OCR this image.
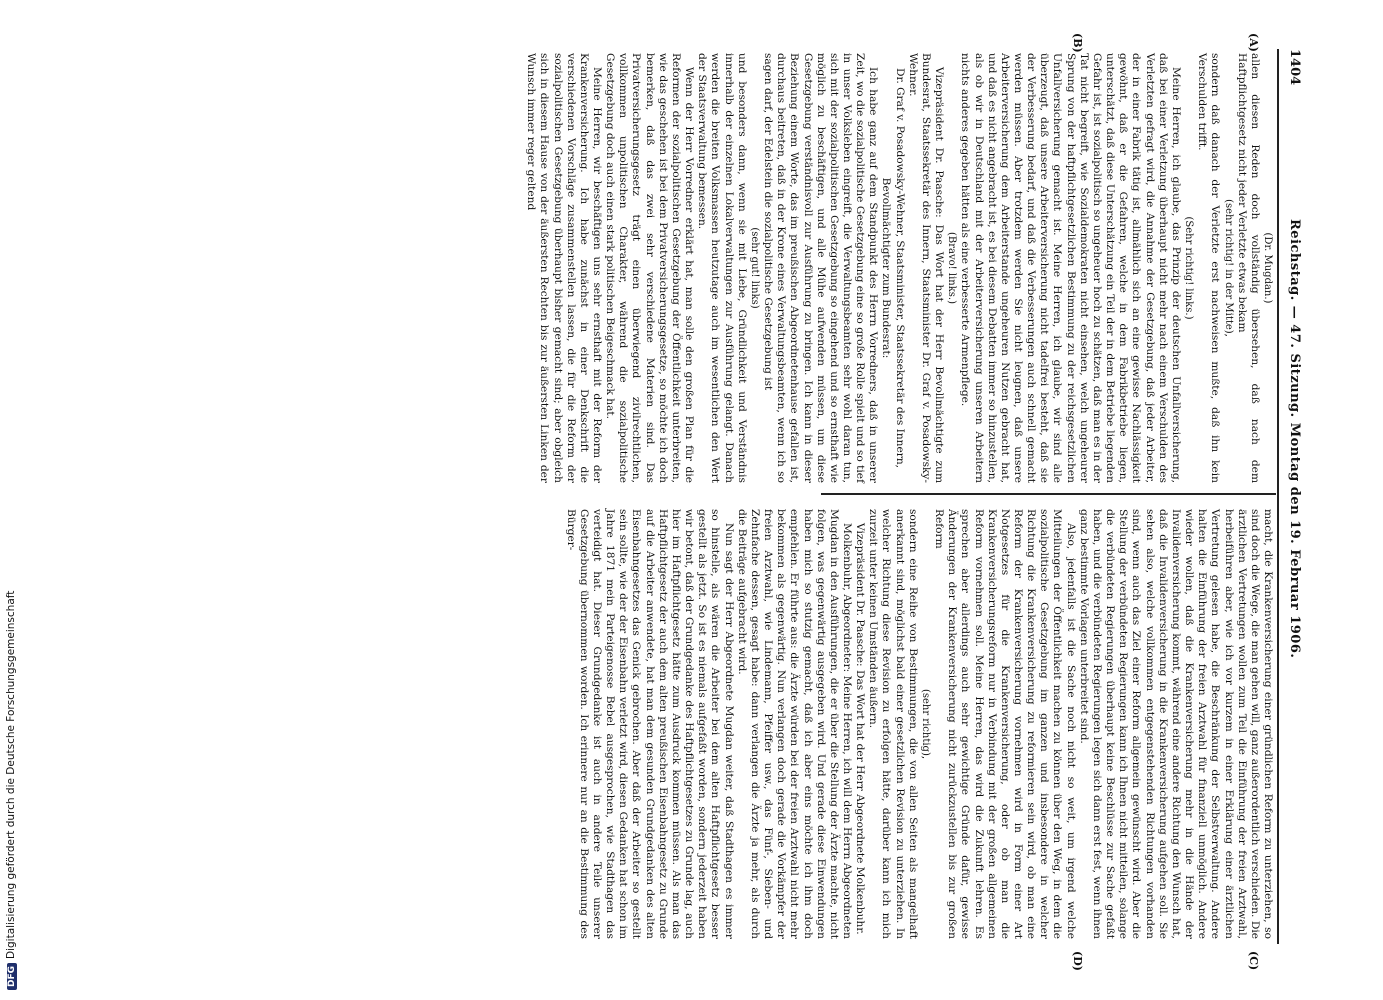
1404
Reichstag. — 47. Sitzung. Montag den 19. Februar 1906.
(A)
(B)
(C)
(D)

(Dr. Mugdan.)

allen diesen Reden doch vollständig übersehen, daß nach dem Haftpflichtgesetz nicht jeder Verletzte etwas bekam

(sehr richtig! in der Mitte),

sondern daß danach der Verletzte erst nachweisen mußte, daß ihn kein Verschulden trifft.

(Sehr richtig! links.)

Meine Herren, ich glaube, das Prinzip der deutschen Unfallversicherung, daß bei einer Verletzung überhaupt nicht mehr nach einem Verschulden des Verletzten gefragt wird, die Annahme der Gesetzgebung, daß jeder Arbeiter, der in einer Fabrik tätig ist, allmählich sich an eine gewisse Nachlässigkeit gewöhnt, daß er die Gefahren, welche in dem Fabrikbetriebe liegen, unterschätzt, daß diese Unterschätzung ein Teil der in dem Betriebe liegenden Gefahr ist, ist sozialpolitisch so ungeheuer hoch zu schätzen, daß man es in der Tat nicht begreift, wie Sozialdemokraten nicht einsehen, welch ungeheurer Sprung von der haftpflichtgesetzlichen Bestimmung zu der reichsgesetzlichen Unfallversicherung gemacht ist. Meine Herren, ich glaube, wir sind alle überzeugt, daß unsere Arbeiterversicherung nicht tadelfrei besteht, daß sie der Verbesserung bedarf, und daß die Verbesserungen auch schnell gemacht werden müssen. Aber trotzdem werden Sie nicht leugnen, daß unsere Arbeiterversicherung dem Arbeiterstande ungeheuren Nutzen gebracht hat, und daß es nicht angebracht ist, es bei diesem Debatten immer so hinzustellen, als ob wir in Deutschland mit der Arbeiterversicherung unseren Arbeitern nichts anderes gegeben hätten als eine verbesserte Armenpflege.

(Bravo! links.)

Vizepräsident Dr. Paasche: Das Wort hat der Herr Bevollmächtigte zum Bundesrat, Staatssekretär des Innern, Staatsminister Dr. Graf v. Posadowsky-Wehner.

Dr. Graf v. Posadowsky-Wehner, Staatsminister, Staatssekretär des Innern, Bevollmächtigter zum Bundesrat:

Ich habe ganz auf dem Standpunkt des Herrn Vorredners, daß in unserer Zeit, wo die sozialpolitische Gesetzgebung eine so große Rolle spielt und so tief in unser Volksleben eingreift, die Verwaltungsbeamten sehr wohl daran tun, sich mit der sozialpolitischen Gesetzgebung so eingehend und so ernsthaft wie möglich zu beschäftigen, und alle Mühe aufwenden müssen, um diese Gesetzgebung verständnisvoll zur Ausführung zu bringen. Ich kann in dieser Beziehung einem Worte, das im preußischen Abgeordnetenhause gefallen ist, durchaus beitreten, daß in der Krone eines Verwaltungsbeamten, wenn ich so sagen darf, der Edelstein die sozialpolitische Gesetzgebung ist

(sehr gut! links)

und besonders dann, wenn sie mit Liebe, Gründlichkeit und Verständnis innerhalb der einzelnen Lokalverwaltungen zur Ausführung gelangt. Danach werden die breiten Volksmassen heutzutage auch im wesentlichen den Wert der Staatsverwaltung bemessen.

Wenn der Herr Vorredner erklärt hat, man solle den großen Plan für die Reformen der sozialpolitischen Gesetzgebung der Öffentlichkeit unterbreiten, wie das geschehen ist bei dem Privatversicherungsgesetze, so möchte ich doch bemerken, daß das zwei sehr verschiedene Materien sind. Das Privatversicherungsgesetz trägt einen überwiegend zivilrechtlichen, vollkommen unpolitischen Charakter, während die sozialpolitische Gesetzgebung doch auch einen stark politischen Beigeschmack hat.

Meine Herren, wir beschäftigen uns sehr ernsthaft mit der Reform der Krankenversicherung. Ich habe zunächst in einer Denkschrift die verschiedenen Vorschläge zusammenstellen lassen, die für die Reform der sozialpolitischen Gesetzgebung überhaupt bisher gemacht sind; aber obgleich sich in diesem Hause von der äußersten Rechten bis zur äußersten Linken der Wunsch immer reger geltend

macht, die Krankenversicherung einer gründlichen Reform zu unterziehen, so sind doch die Wege, die man gehen will, ganz außerordentlich verschieden. Die ärztlichen Vertretungen wollen zum Teil die Einführung der freien Arztwahl, herbeiführen aber, wie ich vor kurzem in einer Erklärung einer ärztlichen Vertretung gelesen habe, die Beschränkung der Selbstverwaltung. Andere halten die Einführung der freien Arztwahl für finanziell unmöglich. Andere wieder wollen, daß die Krankenversicherung mehr in die Hände der Invalidenversicherung kommt, während eine andere Richtung den Wunsch hat, daß die Invalidenversicherung in die Krankenversicherung aufgehen soll. Sie sehen also, welche vollkommen entgegenstehenden Richtungen vorhanden sind, wenn auch das Ziel einer Reform allgemein gewünscht wird. Aber die Stellung der verbündeten Regierungen kann ich Ihnen nicht mitteilen, solange die verbündeten Regierungen überhaupt keine Beschlüsse zur Sache gefaßt haben, und die verbündeten Regierungen legen sich dann erst fest, wenn ihnen ganz bestimmte Vorlagen unterbreitet sind.

Also, jedenfalls ist die Sache noch nicht so weit, um irgend welche Mitteilungen der Öffentlichkeit machen zu können über den Weg, in dem die sozialpolitische Gesetzgebung im ganzen und insbesondere in welcher Richtung die Krankenversicherung zu reformieren sein wird, ob man eine Reform der Krankenversicherung vornehmen wird in Form einer Art Notgesetzes für die Krankenversicherung, oder ob man die Krankenversicherungsreform nur in Verbindung mit der großen allgemeinen Reform vornehmen soll. Meine Herren, das wird die Zukunft lehren. Es sprechen aber allerdings auch sehr gewichtige Gründe dafür, gewisse Änderungen der Krankenversicherung nicht zurückzustellen bis zur großen Reform

(sehr richtig),

sondern eine Reihe von Bestimmungen, die von allen Seiten als mangelhaft anerkannt sind, möglichst bald einer gesetzlichen Revision zu unterziehen. In welcher Richtung diese Revision zu erfolgen hätte, darüber kann ich mich zurzeit unter keinen Umständen äußern.

Vizepräsident Dr. Paasche: Das Wort hat der Herr Abgeordnete Molkenbuhr.

Molkenbuhr, Abgeordneter: Meine Herren, ich will dem Herrn Abgeordneten Mugdan in den Ausführungen, die er über die Stellung der Ärzte machte, nicht folgen, was gegenwärtig ausgegeben wird. Und gerade diese Einwendungen haben mich so stutzig gemacht, daß ich aber eins möchte ich ihm doch empfehlen. Er führte aus: die Ärzte würden bei der freien Arztwahl nicht mehr bekommen als gegenwärtig. Nun verlangen doch gerade die Vorkämpfer der freien Arztwahl, wie Lindemann, Pfeiffer usw., das Fünf-, Sieben- und Zehnfache dessen, gesagt habe: dann verlangen die Ärzte ja mehr, als durch die Beiträge aufgebracht wird.

Nun sagt der Herr Abgeordnete Mugdan weiter, daß Stadthagen es immer so hinstelle, als wären die Arbeiter bei dem alten Haftpflichtgesetz besser gestellt als jetzt. So ist es niemals aufgefaßt worden, sondern jederzeit haben wir betont, daß der Grundgedanke des Haftpflichtgesetzes zu Grunde lag, auch hier im Haftpflichtgesetz hätte zum Ausdruck kommen müssen. Als man das Haftpflichtgesetz der auch dem alten preußischen Eisenbahngesetz zu Grunde auf die Arbeiter anwendete, hat man dem gesunden Grundgedanken des alten Eisenbahngesetzes das Genick gebrochen. Aber daß der Arbeiter so gestellt sein sollte, wie der der Eisenbahn verletzt wird, diesen Gedanken hat schon im Jahre 1871 mein Parteigenosse Bebel ausgesprochen, wie Stadthagen das verteidigt hat. Dieser Grundgedanke ist auch in andere Teile unserer Gesetzgebung übernommen worden. Ich erinnere nur an die Bestimmung des Bürger-

DFGDigitalisierung gefördert durch die Deutsche Forschungsgemeinschaft
